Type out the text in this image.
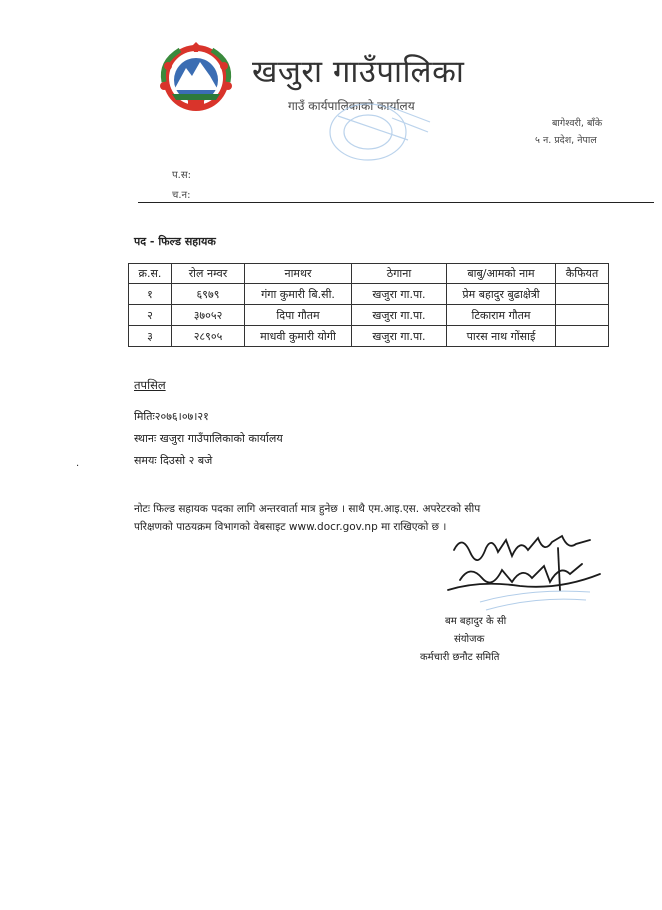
खजुरा गाउँपालिका
गाउँ कार्यपालिकाको कार्यालय
बागेश्वरी, बाँके
५ न. प्रदेश, नेपाल
प.स:
च.न:
पद - फिल्ड सहायक
क्र.स.	रोल नम्वर	नामथर	ठेगाना	बाबु/आमको नाम	कैफियत
१	६९७९	गंगा कुमारी बि.सी.	खजुरा गा.पा.	प्रेम बहादुर बुढाक्षेत्री	
२	३७०५२	दिपा गौतम	खजुरा गा.पा.	टिकाराम गौतम	
३	२८९०५	माधवी कुमारी योगी	खजुरा गा.पा.	पारस नाथ गोंसाई	
तपसिल
मितिः२०७६।०७।२१
स्थानः खजुरा गाउँपालिकाको कार्यालय
समयः दिउसो २ बजे
.
नोटः फिल्ड सहायक पदका लागि अन्तरवार्ता मात्र हुनेछ । साथै एम.आइ.एस. अपरेटरको सीप
परिक्षणको पाठयक्रम विभागको वेबसाइट www.docr.gov.np मा राखिएको छ ।
बम बहादुर के सी
संयोजक
कर्मचारी छनौट समिति
